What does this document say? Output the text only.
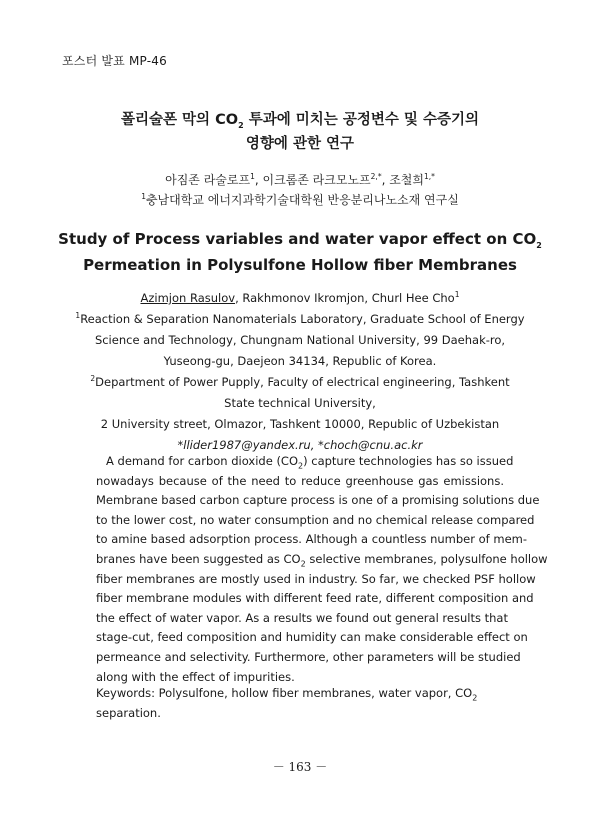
포스터 발표 MP-46
폴리술폰 막의 $CO_2$ 투과에 미치는 공정변수 및 수증기의
영향에 관한 연구
아짐존 라술로프$^1$, 이크롬존 라크모노프$^{2,*}$, 조철희$^{1,*}$
$^1$충남대학교 에너지과학기술대학원 반응분리나노소재 연구실
Study of Process variables and water vapor effect on $CO_2$
Permeation in Polysulfone Hollow fiber Membranes
Azimjon Rasulov, Rakhmonov Ikromjon, Churl Hee Cho$^1$
$^1$Reaction & Separation Nanomaterials Laboratory, Graduate School of Energy
Science and Technology, Chungnam National University, 99 Daehak-ro,
Yuseong-gu, Daejeon 34134, Republic of Korea.
$^2$Department of Power Pupply, Faculty of electrical engineering, Tashkent
State technical University,
2 University street, Olmazor, Tashkent 10000, Republic of Uzbekistan
*llider1987@yandex.ru, *choch@cnu.ac.kr
A demand for carbon dioxide $(CO_2)$ capture technologies has so issued
nowadays because of the need to reduce greenhouse gas emissions.
Membrane based carbon capture process is one of a promising solutions due
to the lower cost, no water consumption and no chemical release compared
to amine based adsorption process. Although a countless number of mem-
branes have been suggested as $CO_2$ selective membranes, polysulfone hollow
fiber membranes are mostly used in industry. So far, we checked PSF hollow
fiber membrane modules with different feed rate, different composition and
the effect of water vapor. As a results we found out general results that
stage-cut, feed composition and humidity can make considerable effect on
permeance and selectivity. Furthermore, other parameters will be studied
along with the effect of impurities.
Keywords: Polysulfone, hollow fiber membranes, water vapor, $CO_2$ separation.
－ 163 －
